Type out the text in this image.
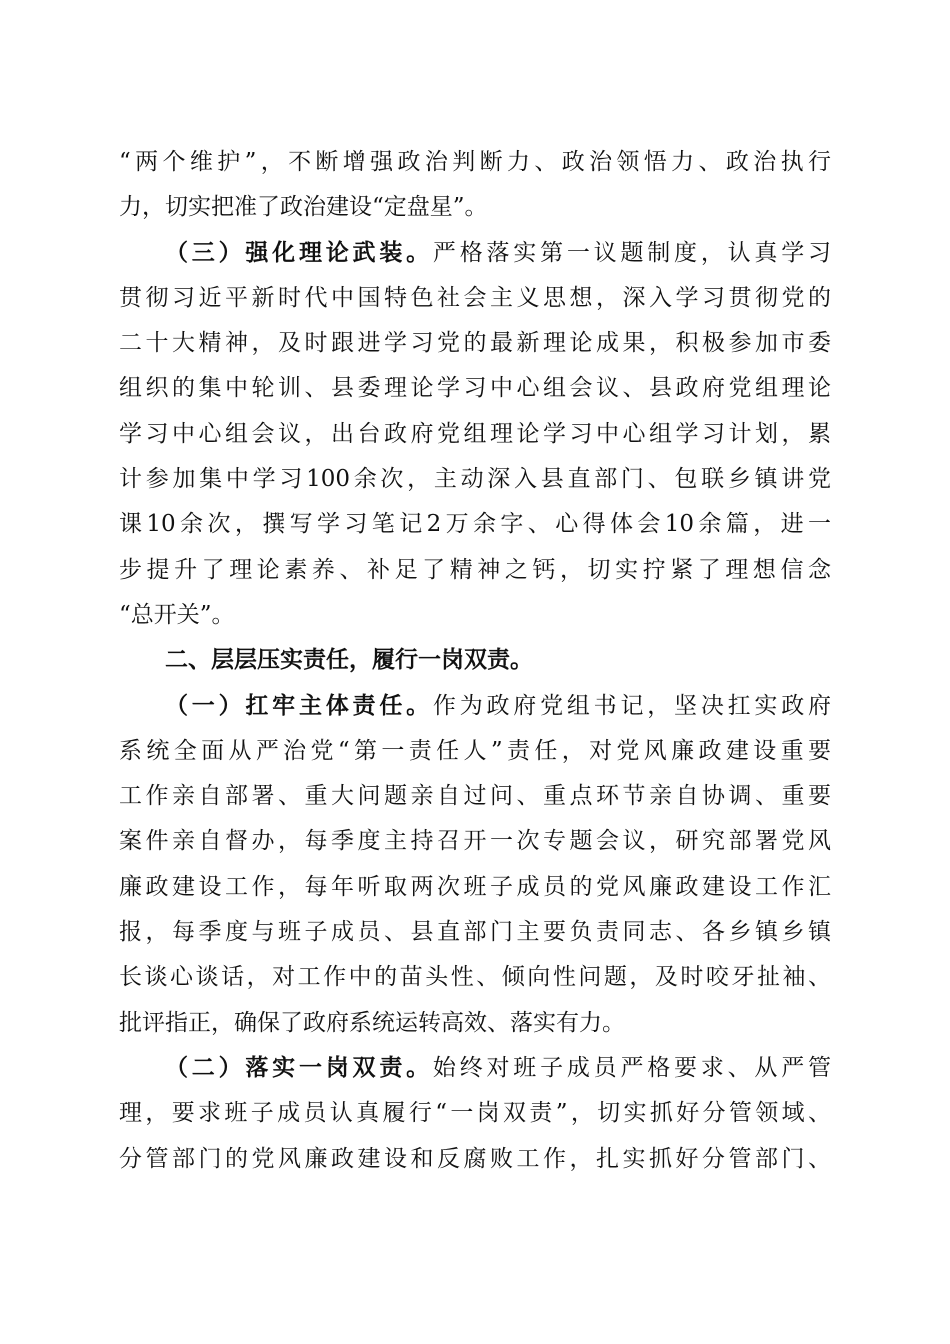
“两个维护”，不断增强政治判断力、政治领悟力、政治执行
力，切实把准了政治建设“定盘星”。
（三）强化理论武装。严格落实第一议题制度，认真学习
贯彻习近平新时代中国特色社会主义思想，深入学习贯彻党的
二十大精神，及时跟进学习党的最新理论成果，积极参加市委
组织的集中轮训、县委理论学习中心组会议、县政府党组理论
学习中心组会议，出台政府党组理论学习中心组学习计划，累
计参加集中学习100余次，主动深入县直部门、包联乡镇讲党
课10余次，撰写学习笔记2万余字、心得体会10余篇，进一
步提升了理论素养、补足了精神之钙，切实拧紧了理想信念
“总开关”。
二、层层压实责任，履行一岗双责。
（一）扛牢主体责任。作为政府党组书记，坚决扛实政府
系统全面从严治党“第一责任人”责任，对党风廉政建设重要
工作亲自部署、重大问题亲自过问、重点环节亲自协调、重要
案件亲自督办，每季度主持召开一次专题会议，研究部署党风
廉政建设工作，每年听取两次班子成员的党风廉政建设工作汇
报，每季度与班子成员、县直部门主要负责同志、各乡镇乡镇
长谈心谈话，对工作中的苗头性、倾向性问题，及时咬牙扯袖、
批评指正，确保了政府系统运转高效、落实有力。
（二）落实一岗双责。始终对班子成员严格要求、从严管
理，要求班子成员认真履行“一岗双责”，切实抓好分管领域、
分管部门的党风廉政建设和反腐败工作，扎实抓好分管部门、
